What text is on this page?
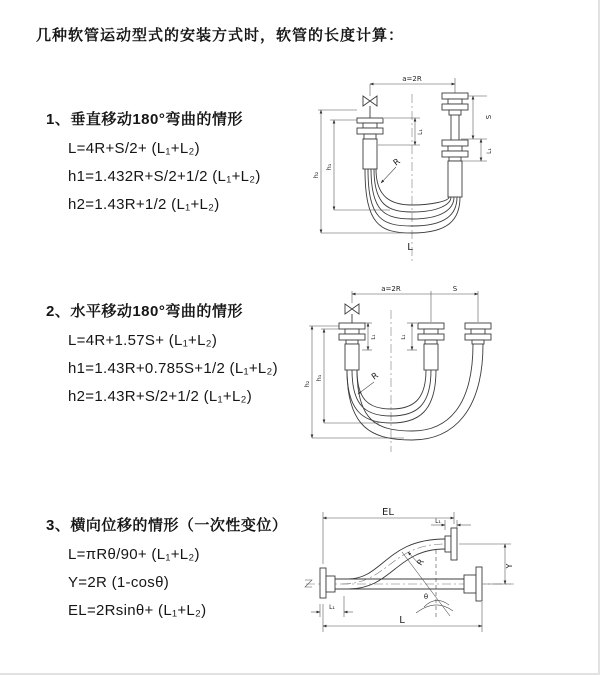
几种软管运动型式的安装方式时，软管的长度计算：
1、垂直移动180°弯曲的情形
L=4R+S/2+ (L₁+L₂)
h1=1.432R+S/2+1/2 (L₁+L₂)
h2=1.43R+1/2 (L₁+L₂)
2、水平移动180°弯曲的情形
L=4R+1.57S+ (L₁+L₂)
h1=1.43R+0.785S+1/2 (L₁+L₂)
h2=1.43R+S/2+1/2 (L₁+L₂)
3、横向位移的情形（一次性变位）
L=πRθ/90+ (L₁+L₂)
Y=2R (1-cosθ)
EL=2Rsinθ+ (L₁+L₂)
a=2R
h₂
h₁
L₁
S
L₁
R
L
a=2R	S
h₂
h₁
L₁	L₁
R
EL
L₁
Y
L
L₁
R
θ
